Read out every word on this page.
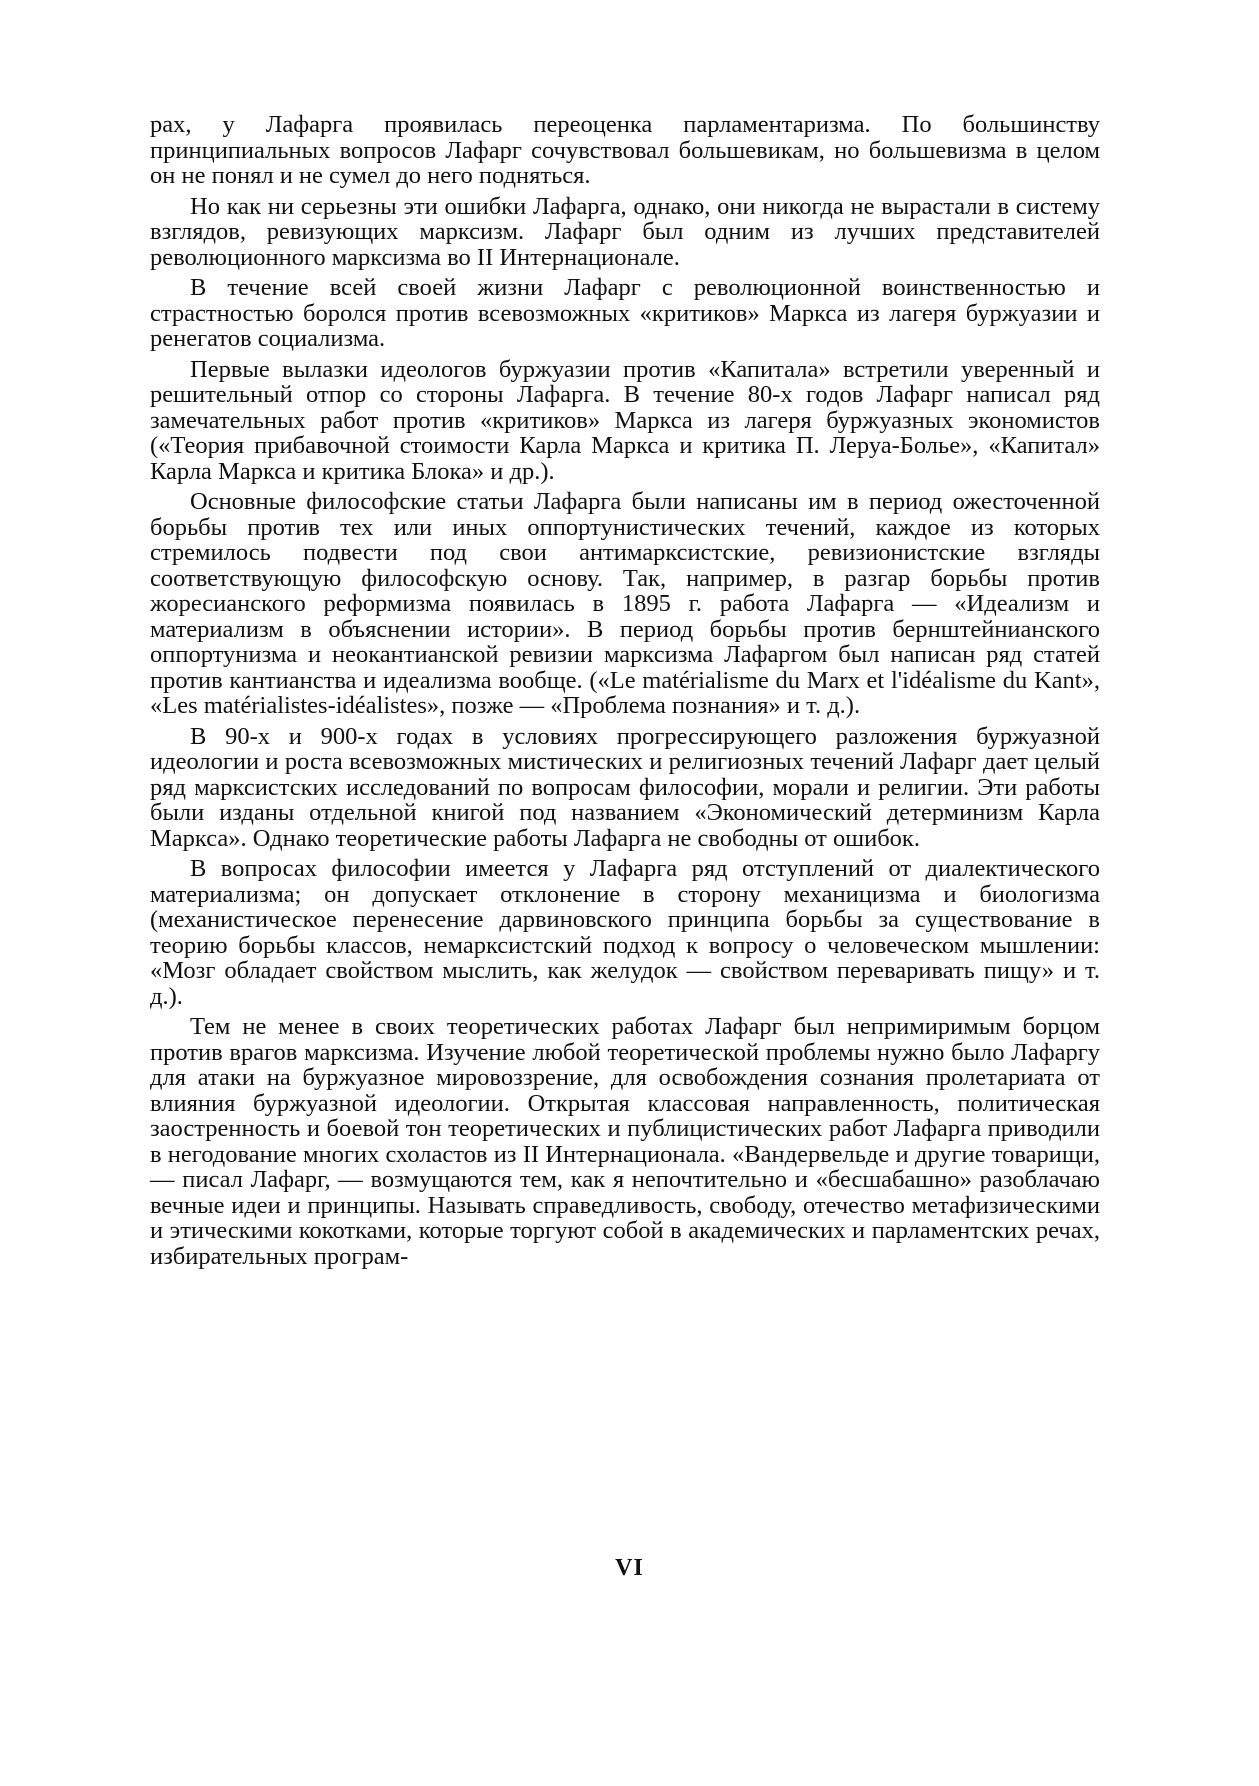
рах, у Лафарга проявилась переоценка парламентаризма. По большинству принципиальных вопросов Лафарг сочувствовал большевикам, но большевизма в целом он не понял и не сумел до него подняться.

Но как ни серьезны эти ошибки Лафарга, однако, они никогда не вырастали в систему взглядов, ревизующих марксизм. Лафарг был одним из лучших представителей революционного марксизма во II Интернационале.

В течение всей своей жизни Лафарг с революционной воинственностью и страстностью боролся против всевозможных «критиков» Маркса из лагеря буржуазии и ренегатов социализма.

Первые вылазки идеологов буржуазии против «Капитала» встретили уверенный и решительный отпор со стороны Лафарга. В течение 80-х годов Лафарг написал ряд замечательных работ против «критиков» Маркса из лагеря буржуазных экономистов («Теория прибавочной стоимости Карла Маркса и критика П. Леруа-Болье», «Капитал» Карла Маркса и критика Блока» и др.).

Основные философские статьи Лафарга были написаны им в период ожесточенной борьбы против тех или иных оппортунистических течений, каждое из которых стремилось подвести под свои антимарксистские, ревизионистские взгляды соответствующую философскую основу. Так, например, в разгар борьбы против жоресианского реформизма появилась в 1895 г. работа Лафарга — «Идеализм и материализм в объяснении истории». В период борьбы против бернштейнианского оппортунизма и неокантианской ревизии марксизма Лафаргом был написан ряд статей против кантианства и идеализма вообще. («Le matérialisme du Marx et l'idéalisme du Kant», «Les matérialistes-idéalistes», позже — «Проблема познания» и т. д.).

В 90-х и 900-х годах в условиях прогрессирующего разложения буржуазной идеологии и роста всевозможных мистических и религиозных течений Лафарг дает целый ряд марксистских исследований по вопросам философии, морали и религии. Эти работы были изданы отдельной книгой под названием «Экономический детерминизм Карла Маркса». Однако теоретические работы Лафарга не свободны от ошибок.

В вопросах философии имеется у Лафарга ряд отступлений от диалектического материализма; он допускает отклонение в сторону механицизма и биологизма (механистическое перенесение дарвиновского принципа борьбы за существование в теорию борьбы классов, немарксистский подход к вопросу о человеческом мышлении: «Мозг обладает свойством мыслить, как желудок — свойством переваривать пищу» и т. д.).

Тем не менее в своих теоретических работах Лафарг был непримиримым борцом против врагов марксизма. Изучение любой теоретической проблемы нужно было Лафаргу для атаки на буржуазное мировоззрение, для освобождения сознания пролетариата от влияния буржуазной идеологии. Открытая классовая направленность, политическая заостренность и боевой тон теоретических и публицистических работ Лафарга приводили в негодование многих схоластов из II Интернационала. «Вандервельде и другие товарищи, — писал Лафарг, — возмущаются тем, как я непочтительно и «бесшабашно» разоблачаю вечные идеи и принципы. Называть справедливость, свободу, отечество метафизическими и этическими кокотками, которые торгуют собой в академических и парламентских речах, избирательных програм-

VI
